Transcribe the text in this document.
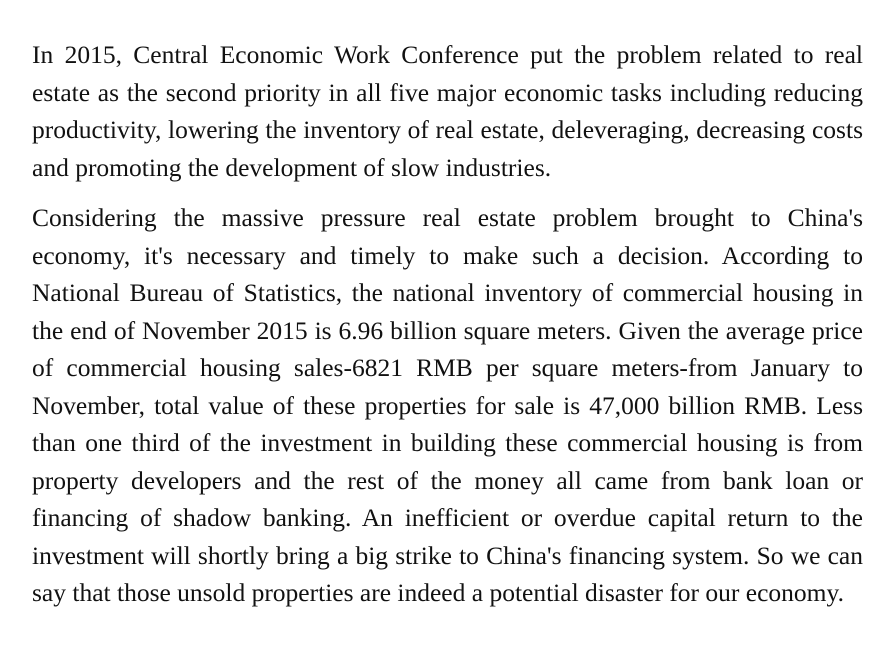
In 2015, Central Economic Work Conference put the problem related to real estate as the second priority in all five major economic tasks including reducing productivity, lowering the inventory of real estate, deleveraging, decreasing costs and promoting the development of slow industries.

Considering the massive pressure real estate problem brought to China's economy, it's necessary and timely to make such a decision. According to National Bureau of Statistics, the national inventory of commercial housing in the end of November 2015 is 6.96 billion square meters. Given the average price of commercial housing sales-6821 RMB per square meters-from January to November, total value of these properties for sale is 47,000 billion RMB. Less than one third of the investment in building these commercial housing is from property developers and the rest of the money all came from bank loan or financing of shadow banking. An inefficient or overdue capital return to the investment will shortly bring a big strike to China's financing system. So we can say that those unsold properties are indeed a potential disaster for our economy.
